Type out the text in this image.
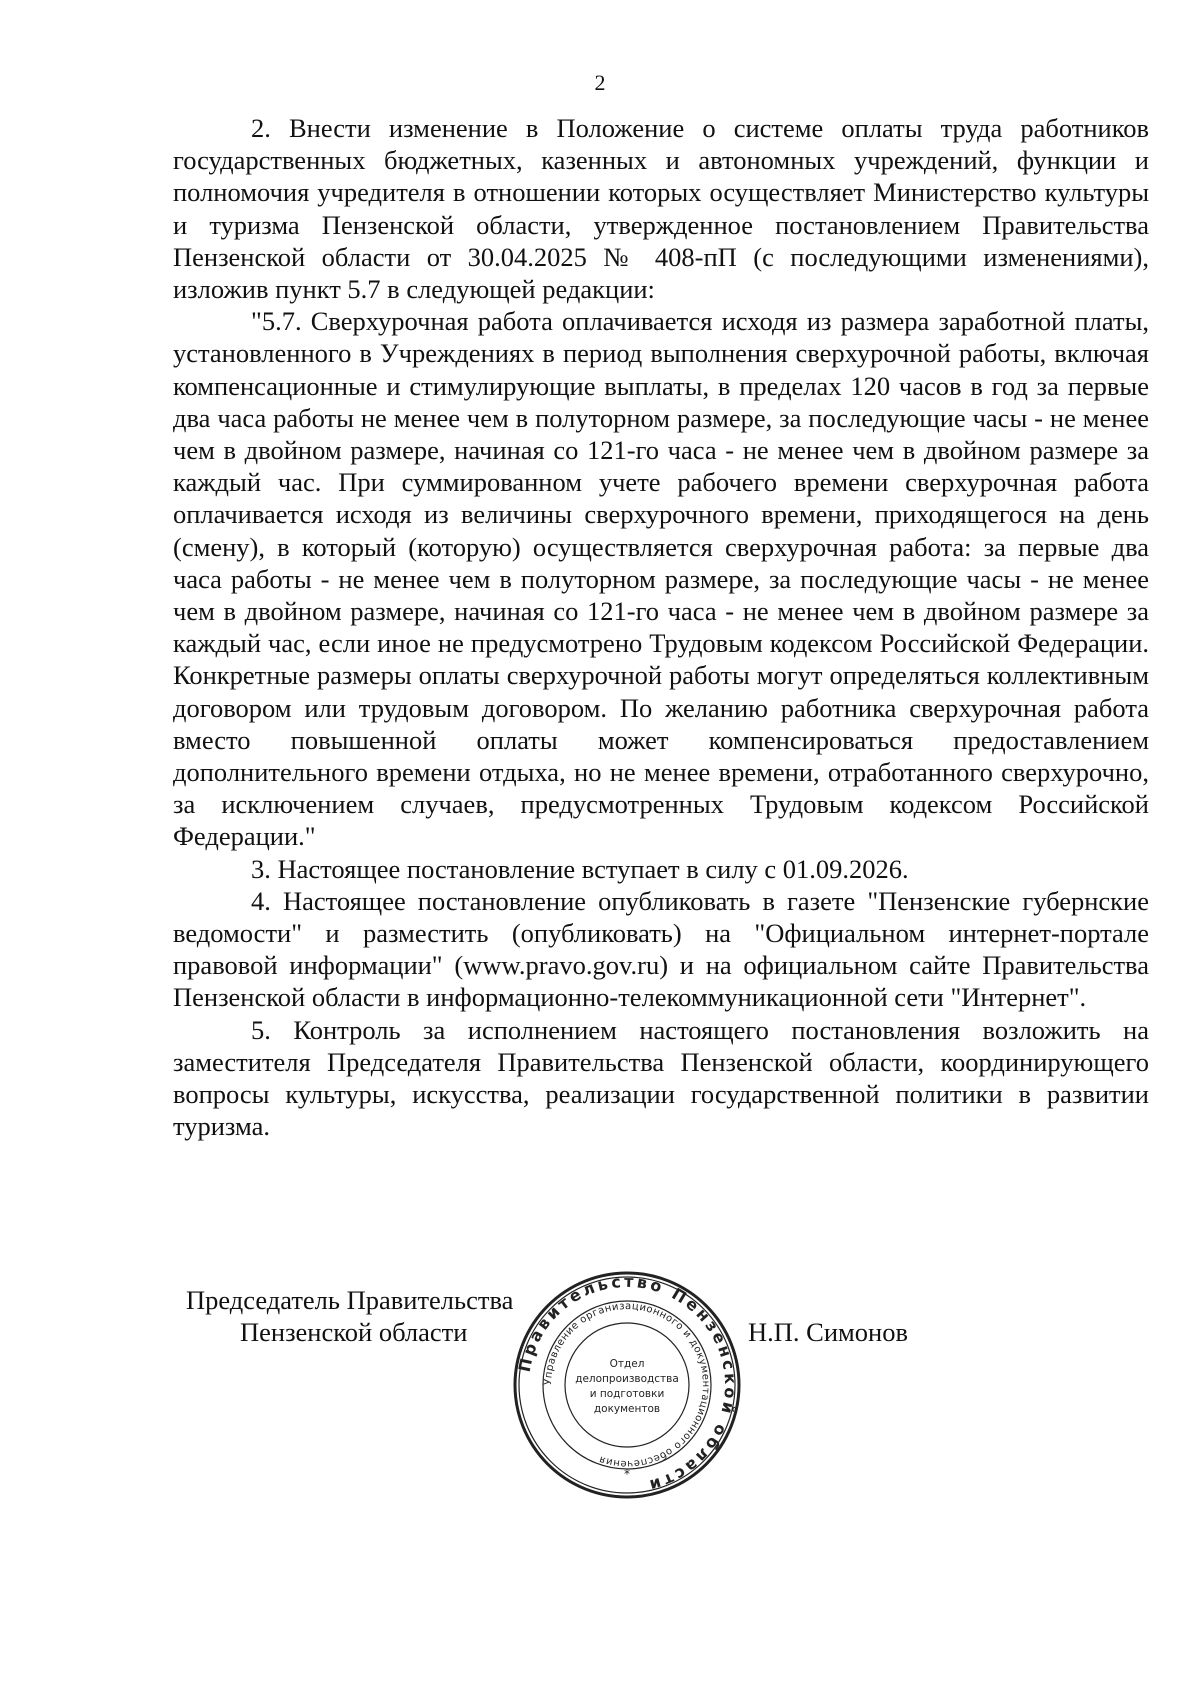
2

2. Внести изменение в Положение о системе оплаты труда работников государственных бюджетных, казенных и автономных учреждений, функции и полномочия учредителя в отношении которых осуществляет Министерство культуры и туризма Пензенской области, утвержденное постановлением Правительства Пензенской области от 30.04.2025 № 408-пП (с последующими изменениями), изложив пункт 5.7 в следующей редакции:

"5.7. Сверхурочная работа оплачивается исходя из размера заработной платы, установленного в Учреждениях в период выполнения сверхурочной работы, включая компенсационные и стимулирующие выплаты, в пределах 120 часов в год за первые два часа работы не менее чем в полуторном размере, за последующие часы - не менее чем в двойном размере, начиная со 121-го часа - не менее чем в двойном размере за каждый час. При суммированном учете рабочего времени сверхурочная работа оплачивается исходя из величины сверхурочного времени, приходящегося на день (смену), в который (которую) осуществляется сверхурочная работа: за первые два часа работы - не менее чем в полуторном размере, за последующие часы - не менее чем в двойном размере, начиная со 121-го часа - не менее чем в двойном размере за каждый час, если иное не предусмотрено Трудовым кодексом Российской Федерации. Конкретные размеры оплаты сверхурочной работы могут определяться коллективным договором или трудовым договором. По желанию работника сверхурочная работа вместо повышенной оплаты может компенсироваться предоставлением дополнительного времени отдыха, но не менее времени, отработанного сверхурочно, за исключением случаев, предусмотренных Трудовым кодексом Российской Федерации."

3. Настоящее постановление вступает в силу с 01.09.2026.

4. Настоящее постановление опубликовать в газете "Пензенские губернские ведомости" и разместить (опубликовать) на "Официальном интернет-портале правовой информации" (www.pravo.gov.ru) и на официальном сайте Правительства Пензенской области в информационно-телекоммуникационной сети "Интернет".

5. Контроль за исполнением настоящего постановления возложить на заместителя Председателя Правительства Пензенской области, координирующего вопросы культуры, искусства, реализации государственной политики в развитии туризма.

Председатель Правительства
Пензенской области	Н.П. Симонов
Правительство Пензенской области
Управление организационного и документационного обеспечения
Отдел
делопроизводства
и подготовки
документов
*
